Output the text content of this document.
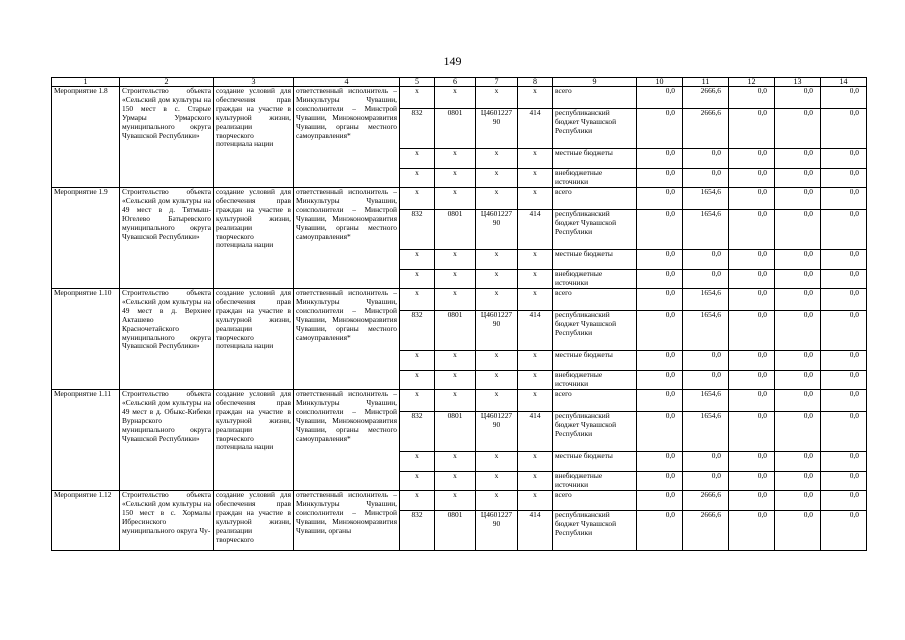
149
1	2	3	4	5	6	7	8	9	10	11	12	13	14
Мероприятие 1.8	Строительство объекта «Сельский дом культуры на 150 мест в с. Старые Урмары Урмарского муниципального округа Чувашской Республики»	создание условий для обеспечения прав граждан на участие в культурной жизни, реализации творческого потенциала нации	ответственный исполнитель – Минкультуры Чувашии, соисполнители – Минстрой Чувашии, Минэкономразвития Чувашии, органы местного самоуправления*	x	x	x	x	всего	0,0	2666,6	0,0	0,0	0,0
				832	0801	Ц4601227 90	414	республиканский бюджет Чувашской Республики	0,0	2666,6	0,0	0,0	0,0
				x	x	x	x	местные бюджеты	0,0	0,0	0,0	0,0	0,0
				x	x	x	x	внебюджетные источники	0,0	0,0	0,0	0,0	0,0
Мероприятие 1.9	Строительство объекта «Сельский дом культуры на 49 мест в д. Тятмыш-Югелево Батыревского муниципального округа Чувашской Республики»	создание условий для обеспечения прав граждан на участие в культурной жизни, реализации творческого потенциала нации	ответственный исполнитель – Минкультуры Чувашии, соисполнители – Минстрой Чувашии, Минэкономразвития Чувашии, органы местного самоуправления*	x	x	x	x	всего	0,0	1654,6	0,0	0,0	0,0
				832	0801	Ц4601227 90	414	республиканский бюджет Чувашской Республики	0,0	1654,6	0,0	0,0	0,0
				x	x	x	x	местные бюджеты	0,0	0,0	0,0	0,0	0,0
				x	x	x	x	внебюджетные источники	0,0	0,0	0,0	0,0	0,0
Мероприятие 1.10	Строительство объекта «Сельский дом культуры на 49 мест в д. Верхнее Акташево Красночетайского муниципального округа Чувашской Республики»	создание условий для обеспечения прав граждан на участие в культурной жизни, реализации творческого потенциала нации	ответственный исполнитель – Минкультуры Чувашии, соисполнители – Минстрой Чувашии, Минэкономразвития Чувашии, органы местного самоуправления*	x	x	x	x	всего	0,0	1654,6	0,0	0,0	0,0
				832	0801	Ц4601227 90	414	республиканский бюджет Чувашской Республики	0,0	1654,6	0,0	0,0	0,0
				x	x	x	x	местные бюджеты	0,0	0,0	0,0	0,0	0,0
				x	x	x	x	внебюджетные источники	0,0	0,0	0,0	0,0	0,0
Мероприятие 1.11	Строительство объекта «Сельский дом культуры на 49 мест в д. Обыкс-Кибеки Вурнарского муниципального округа Чувашской Республики»	создание условий для обеспечения прав граждан на участие в культурной жизни, реализации творческого потенциала нации	ответственный исполнитель – Минкультуры Чувашии, соисполнители – Минстрой Чувашии, Минэкономразвития Чувашии, органы местного самоуправления*	x	x	x	x	всего	0,0	1654,6	0,0	0,0	0,0
				832	0801	Ц4601227 90	414	республиканский бюджет Чувашской Республики	0,0	1654,6	0,0	0,0	0,0
				x	x	x	x	местные бюджеты	0,0	0,0	0,0	0,0	0,0
				x	x	x	x	внебюджетные источники	0,0	0,0	0,0	0,0	0,0
Мероприятие 1.12	Строительство объекта «Сельский дом культуры на 150 мест в с. Хормалы Ибресинского муниципального округа Чу-	создание условий для обеспечения прав граждан на участие в культурной жизни, реализации творческого	ответственный исполнитель – Минкультуры Чувашии, соисполнители – Минстрой Чувашии, Минэкономразвития Чувашии, органы	x	x	x	x	всего	0,0	2666,6	0,0	0,0	0,0
				832	0801	Ц4601227 90	414	республиканский бюджет Чувашской Республики	0,0	2666,6	0,0	0,0	0,0
